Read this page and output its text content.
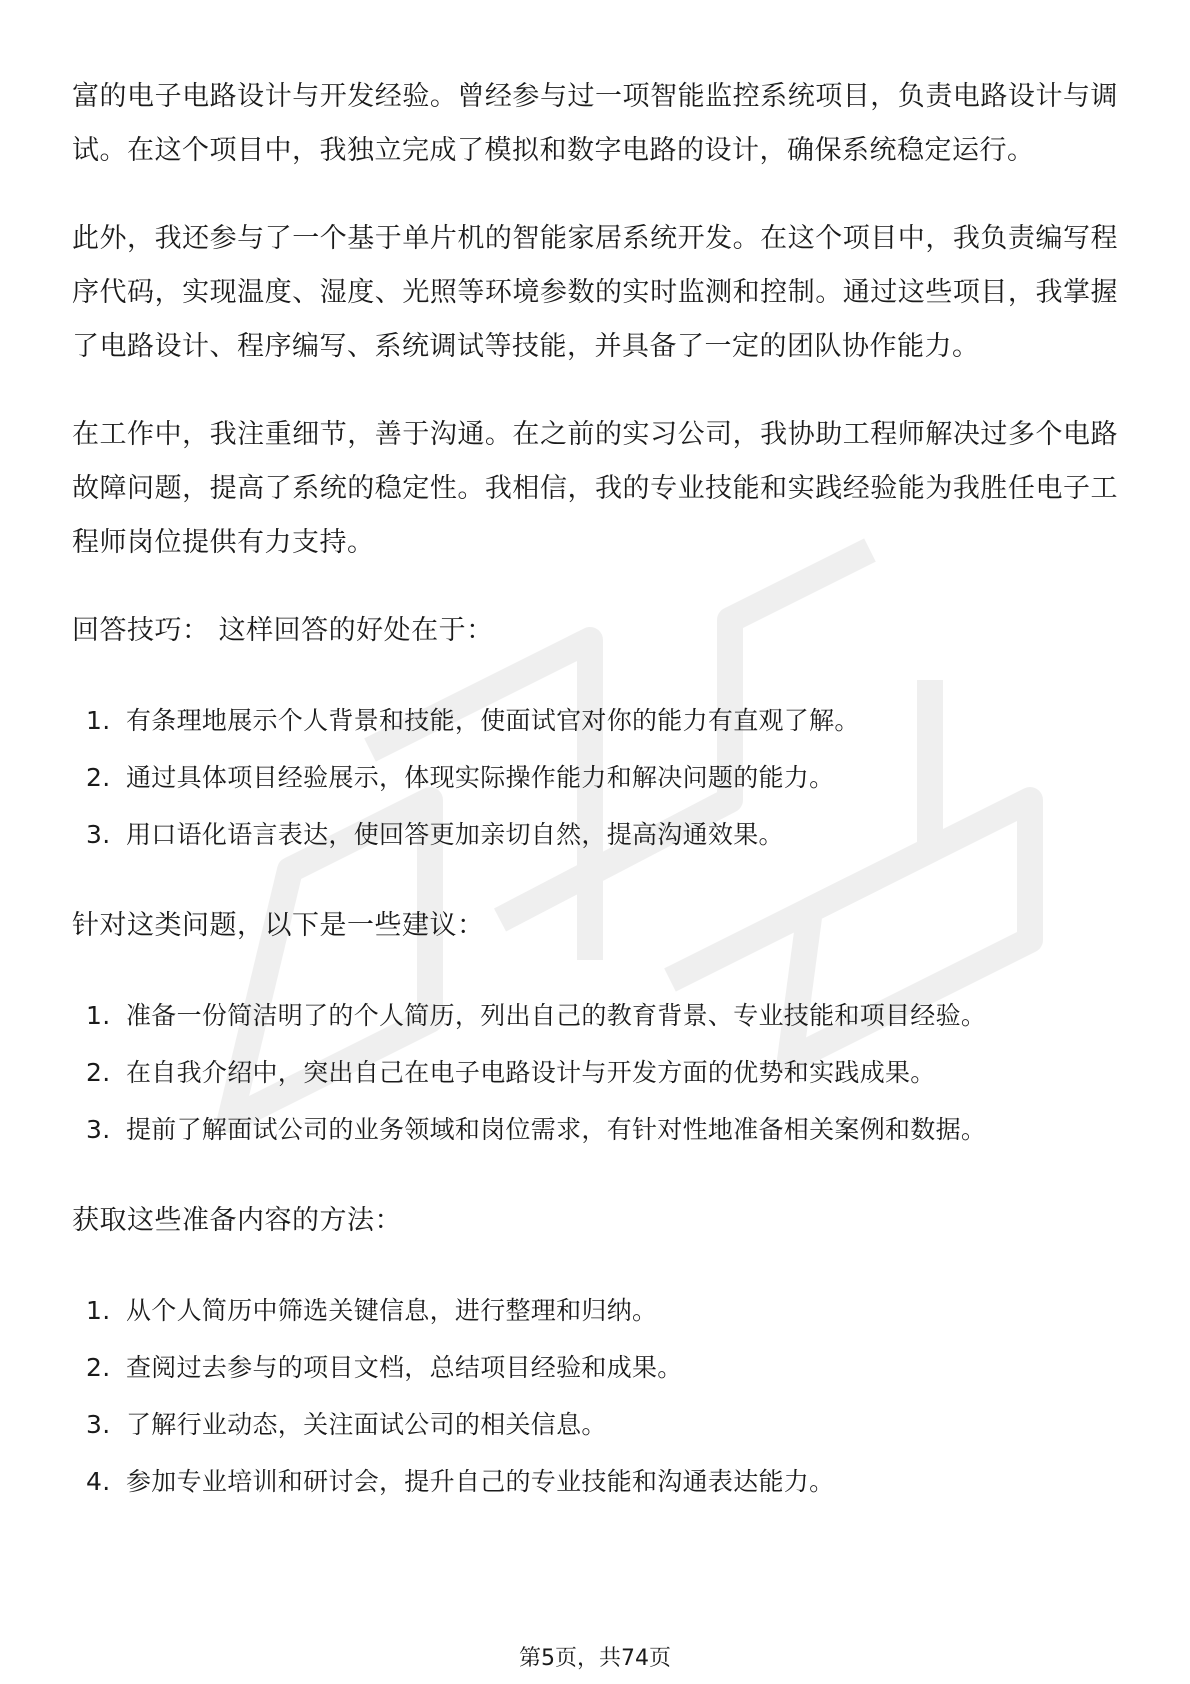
富的电子电路设计与开发经验。曾经参与过一项智能监控系统项目，负责电路设计与调试。在这个项目中，我独立完成了模拟和数字电路的设计，确保系统稳定运行。

此外，我还参与了一个基于单片机的智能家居系统开发。在这个项目中，我负责编写程序代码，实现温度、湿度、光照等环境参数的实时监测和控制。通过这些项目，我掌握了电路设计、程序编写、系统调试等技能，并具备了一定的团队协作能力。

在工作中，我注重细节，善于沟通。在之前的实习公司，我协助工程师解决过多个电路故障问题，提高了系统的稳定性。我相信，我的专业技能和实践经验能为我胜任电子工程师岗位提供有力支持。

回答技巧： 这样回答的好处在于：

1. 有条理地展示个人背景和技能，使面试官对你的能力有直观了解。
2. 通过具体项目经验展示，体现实际操作能力和解决问题的能力。
3. 用口语化语言表达，使回答更加亲切自然，提高沟通效果。

针对这类问题，以下是一些建议：

1. 准备一份简洁明了的个人简历，列出自己的教育背景、专业技能和项目经验。
2. 在自我介绍中，突出自己在电子电路设计与开发方面的优势和实践成果。
3. 提前了解面试公司的业务领域和岗位需求，有针对性地准备相关案例和数据。

获取这些准备内容的方法：

1. 从个人简历中筛选关键信息，进行整理和归纳。
2. 查阅过去参与的项目文档，总结项目经验和成果。
3. 了解行业动态，关注面试公司的相关信息。
4. 参加专业培训和研讨会，提升自己的专业技能和沟通表达能力。
第5页，共74页
